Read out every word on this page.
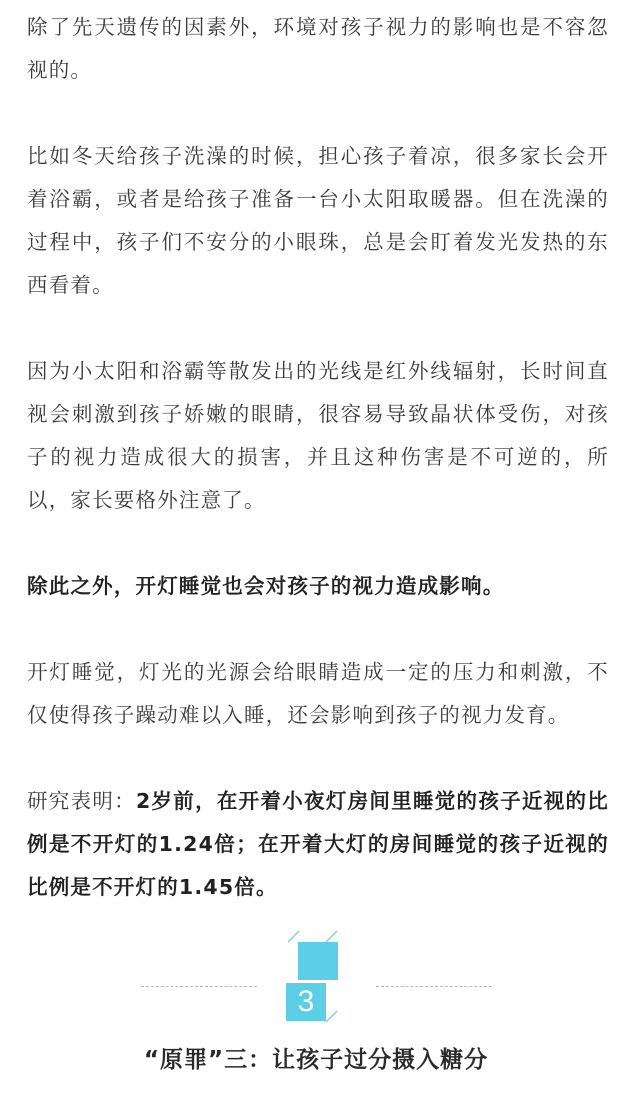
除了先天遗传的因素外，环境对孩子视力的影响也是不容忽视的。

比如冬天给孩子洗澡的时候，担心孩子着凉，很多家长会开着浴霸，或者是给孩子准备一台小太阳取暖器。但在洗澡的过程中，孩子们不安分的小眼珠，总是会盯着发光发热的东西看着。

因为小太阳和浴霸等散发出的光线是红外线辐射，长时间直视会刺激到孩子娇嫩的眼睛，很容易导致晶状体受伤，对孩子的视力造成很大的损害，并且这种伤害是不可逆的，所以，家长要格外注意了。

除此之外，开灯睡觉也会对孩子的视力造成影响。

开灯睡觉，灯光的光源会给眼睛造成一定的压力和刺激，不仅使得孩子躁动难以入睡，还会影响到孩子的视力发育。

研究表明：2岁前，在开着小夜灯房间里睡觉的孩子近视的比例是不开灯的1.24倍；在开着大灯的房间睡觉的孩子近视的比例是不开灯的1.45倍。

3
“原罪”三：让孩子过分摄入糖分
